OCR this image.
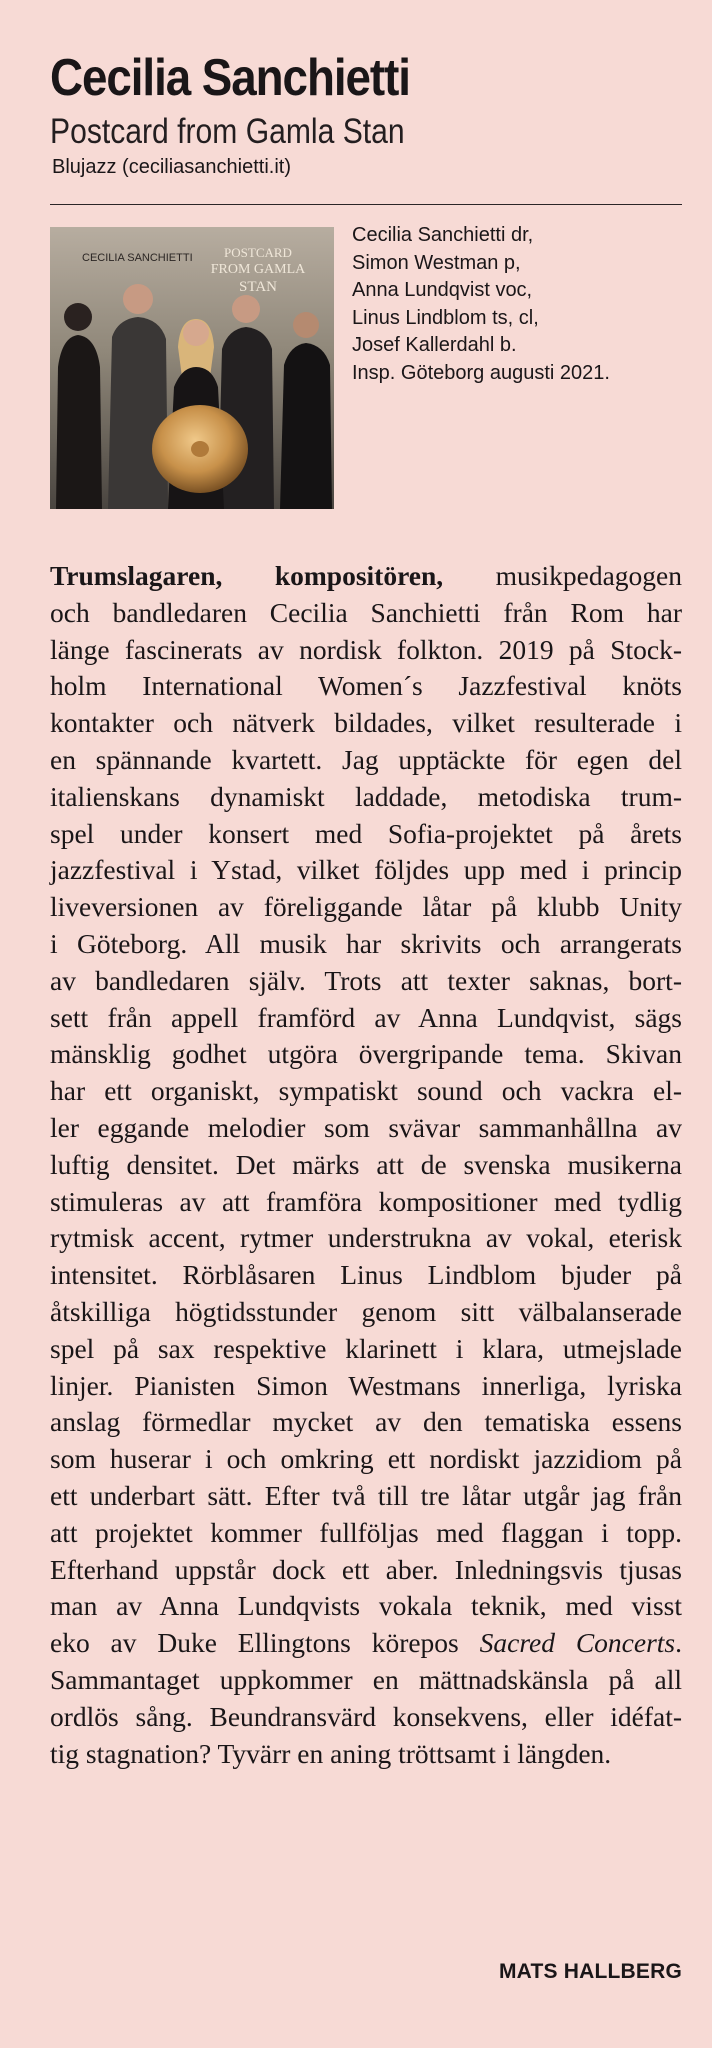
Cecilia Sanchietti
Postcard from Gamla Stan
Blujazz (ceciliasanchietti.it)
CECILIA SANCHIETTI POSTCARD
FROM GAMLA
STAN
Cecilia Sanchietti dr,
Simon Westman p,
Anna Lundqvist voc,
Linus Lindblom ts, cl,
Josef Kallerdahl b.
Insp. Göteborg augusti 2021.
Trumslagaren, kompositören, musikpedagogen
och bandledaren Cecilia Sanchietti från Rom har
länge fascinerats av nordisk folkton. 2019 på Stock-
holm International Women´s Jazzfestival knöts
kontakter och nätverk bildades, vilket resulterade i
en spännande kvartett. Jag upptäckte för egen del
italienskans dynamiskt laddade, metodiska trum-
spel under konsert med Sofia-projektet på årets
jazzfestival i Ystad, vilket följdes upp med i princip
liveversionen av föreliggande låtar på klubb Unity
i Göteborg. All musik har skrivits och arrangerats
av bandledaren själv. Trots att texter saknas, bort-
sett från appell framförd av Anna Lundqvist, sägs
mänsklig godhet utgöra övergripande tema. Skivan
har ett organiskt, sympatiskt sound och vackra el-
ler eggande melodier som svävar sammanhållna av
luftig densitet. Det märks att de svenska musikerna
stimuleras av att framföra kompositioner med tydlig
rytmisk accent, rytmer understrukna av vokal, eterisk
intensitet. Rörblåsaren Linus Lindblom bjuder på
åtskilliga högtidsstunder genom sitt välbalanserade
spel på sax respektive klarinett i klara, utmejslade
linjer. Pianisten Simon Westmans innerliga, lyriska
anslag förmedlar mycket av den tematiska essens
som huserar i och omkring ett nordiskt jazzidiom på
ett underbart sätt. Efter två till tre låtar utgår jag från
att projektet kommer fullföljas med flaggan i topp.
Efterhand uppstår dock ett aber. Inledningsvis tjusas
man av Anna Lundqvists vokala teknik, med visst
eko av Duke Ellingtons körepos Sacred Concerts.
Sammantaget uppkommer en mättnadskänsla på all
ordlös sång. Beundransvärd konsekvens, eller idéfat-
tig stagnation? Tyvärr en aning tröttsamt i längden.
MATS HALLBERG
